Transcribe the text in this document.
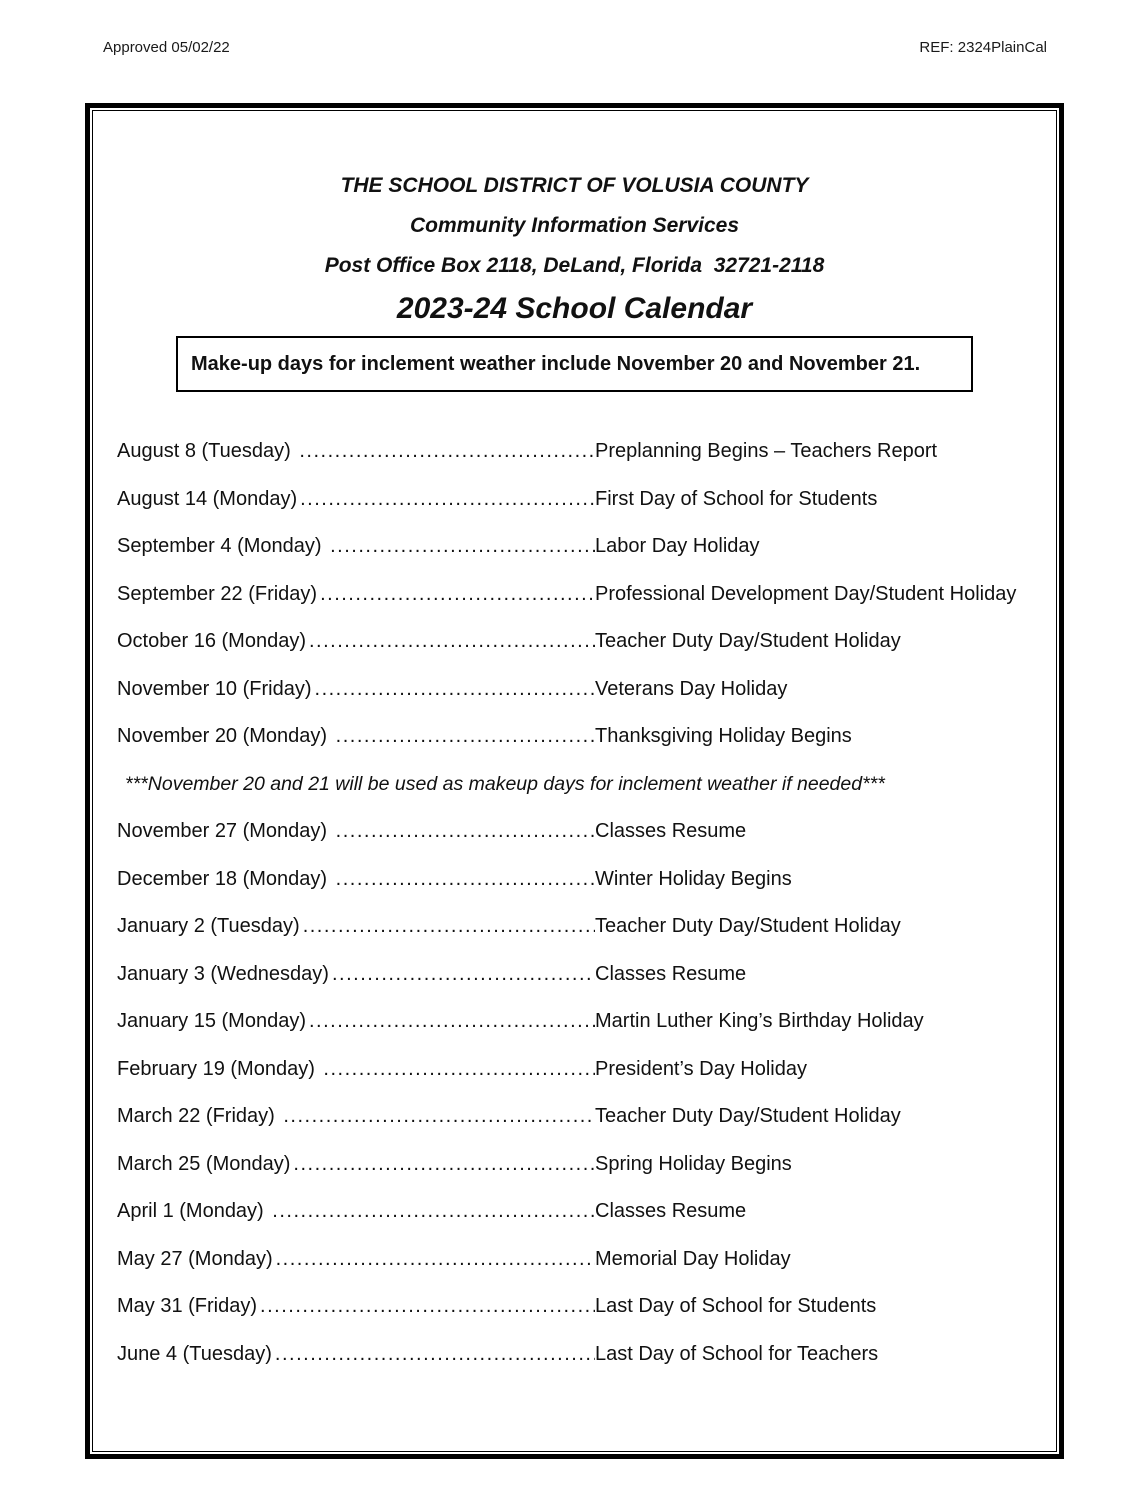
Approved 05/02/22	REF: 2324PlainCal
THE SCHOOL DISTRICT OF VOLUSIA COUNTY
Community Information Services
Post Office Box 2118, DeLand, Florida  32721-2118
2023-24 School Calendar
Make-up days for inclement weather include November 20 and November 21.
August 8 (Tuesday) .....	Preplanning Begins – Teachers Report
August 14 (Monday) .....	First Day of School for Students
September 4 (Monday) .....	Labor Day Holiday
September 22 (Friday) .....	Professional Development Day/Student Holiday
October 16 (Monday) .....	Teacher Duty Day/Student Holiday
November 10 (Friday) .....	Veterans Day Holiday
November 20 (Monday) .....	Thanksgiving Holiday Begins
***November 20 and 21 will be used as makeup days for inclement weather if needed***
November 27 (Monday) .....	Classes Resume
December 18 (Monday) .....	Winter Holiday Begins
January 2 (Tuesday) .....	Teacher Duty Day/Student Holiday
January 3 (Wednesday) .....	Classes Resume
January 15 (Monday) .....	Martin Luther King’s Birthday Holiday
February 19 (Monday) .....	President’s Day Holiday
March 22 (Friday) .....	Teacher Duty Day/Student Holiday
March 25 (Monday) .....	Spring Holiday Begins
April 1 (Monday) .....	Classes Resume
May 27 (Monday) .....	Memorial Day Holiday
May 31 (Friday) .....	Last Day of School for Students
June 4 (Tuesday) .....	Last Day of School for Teachers
